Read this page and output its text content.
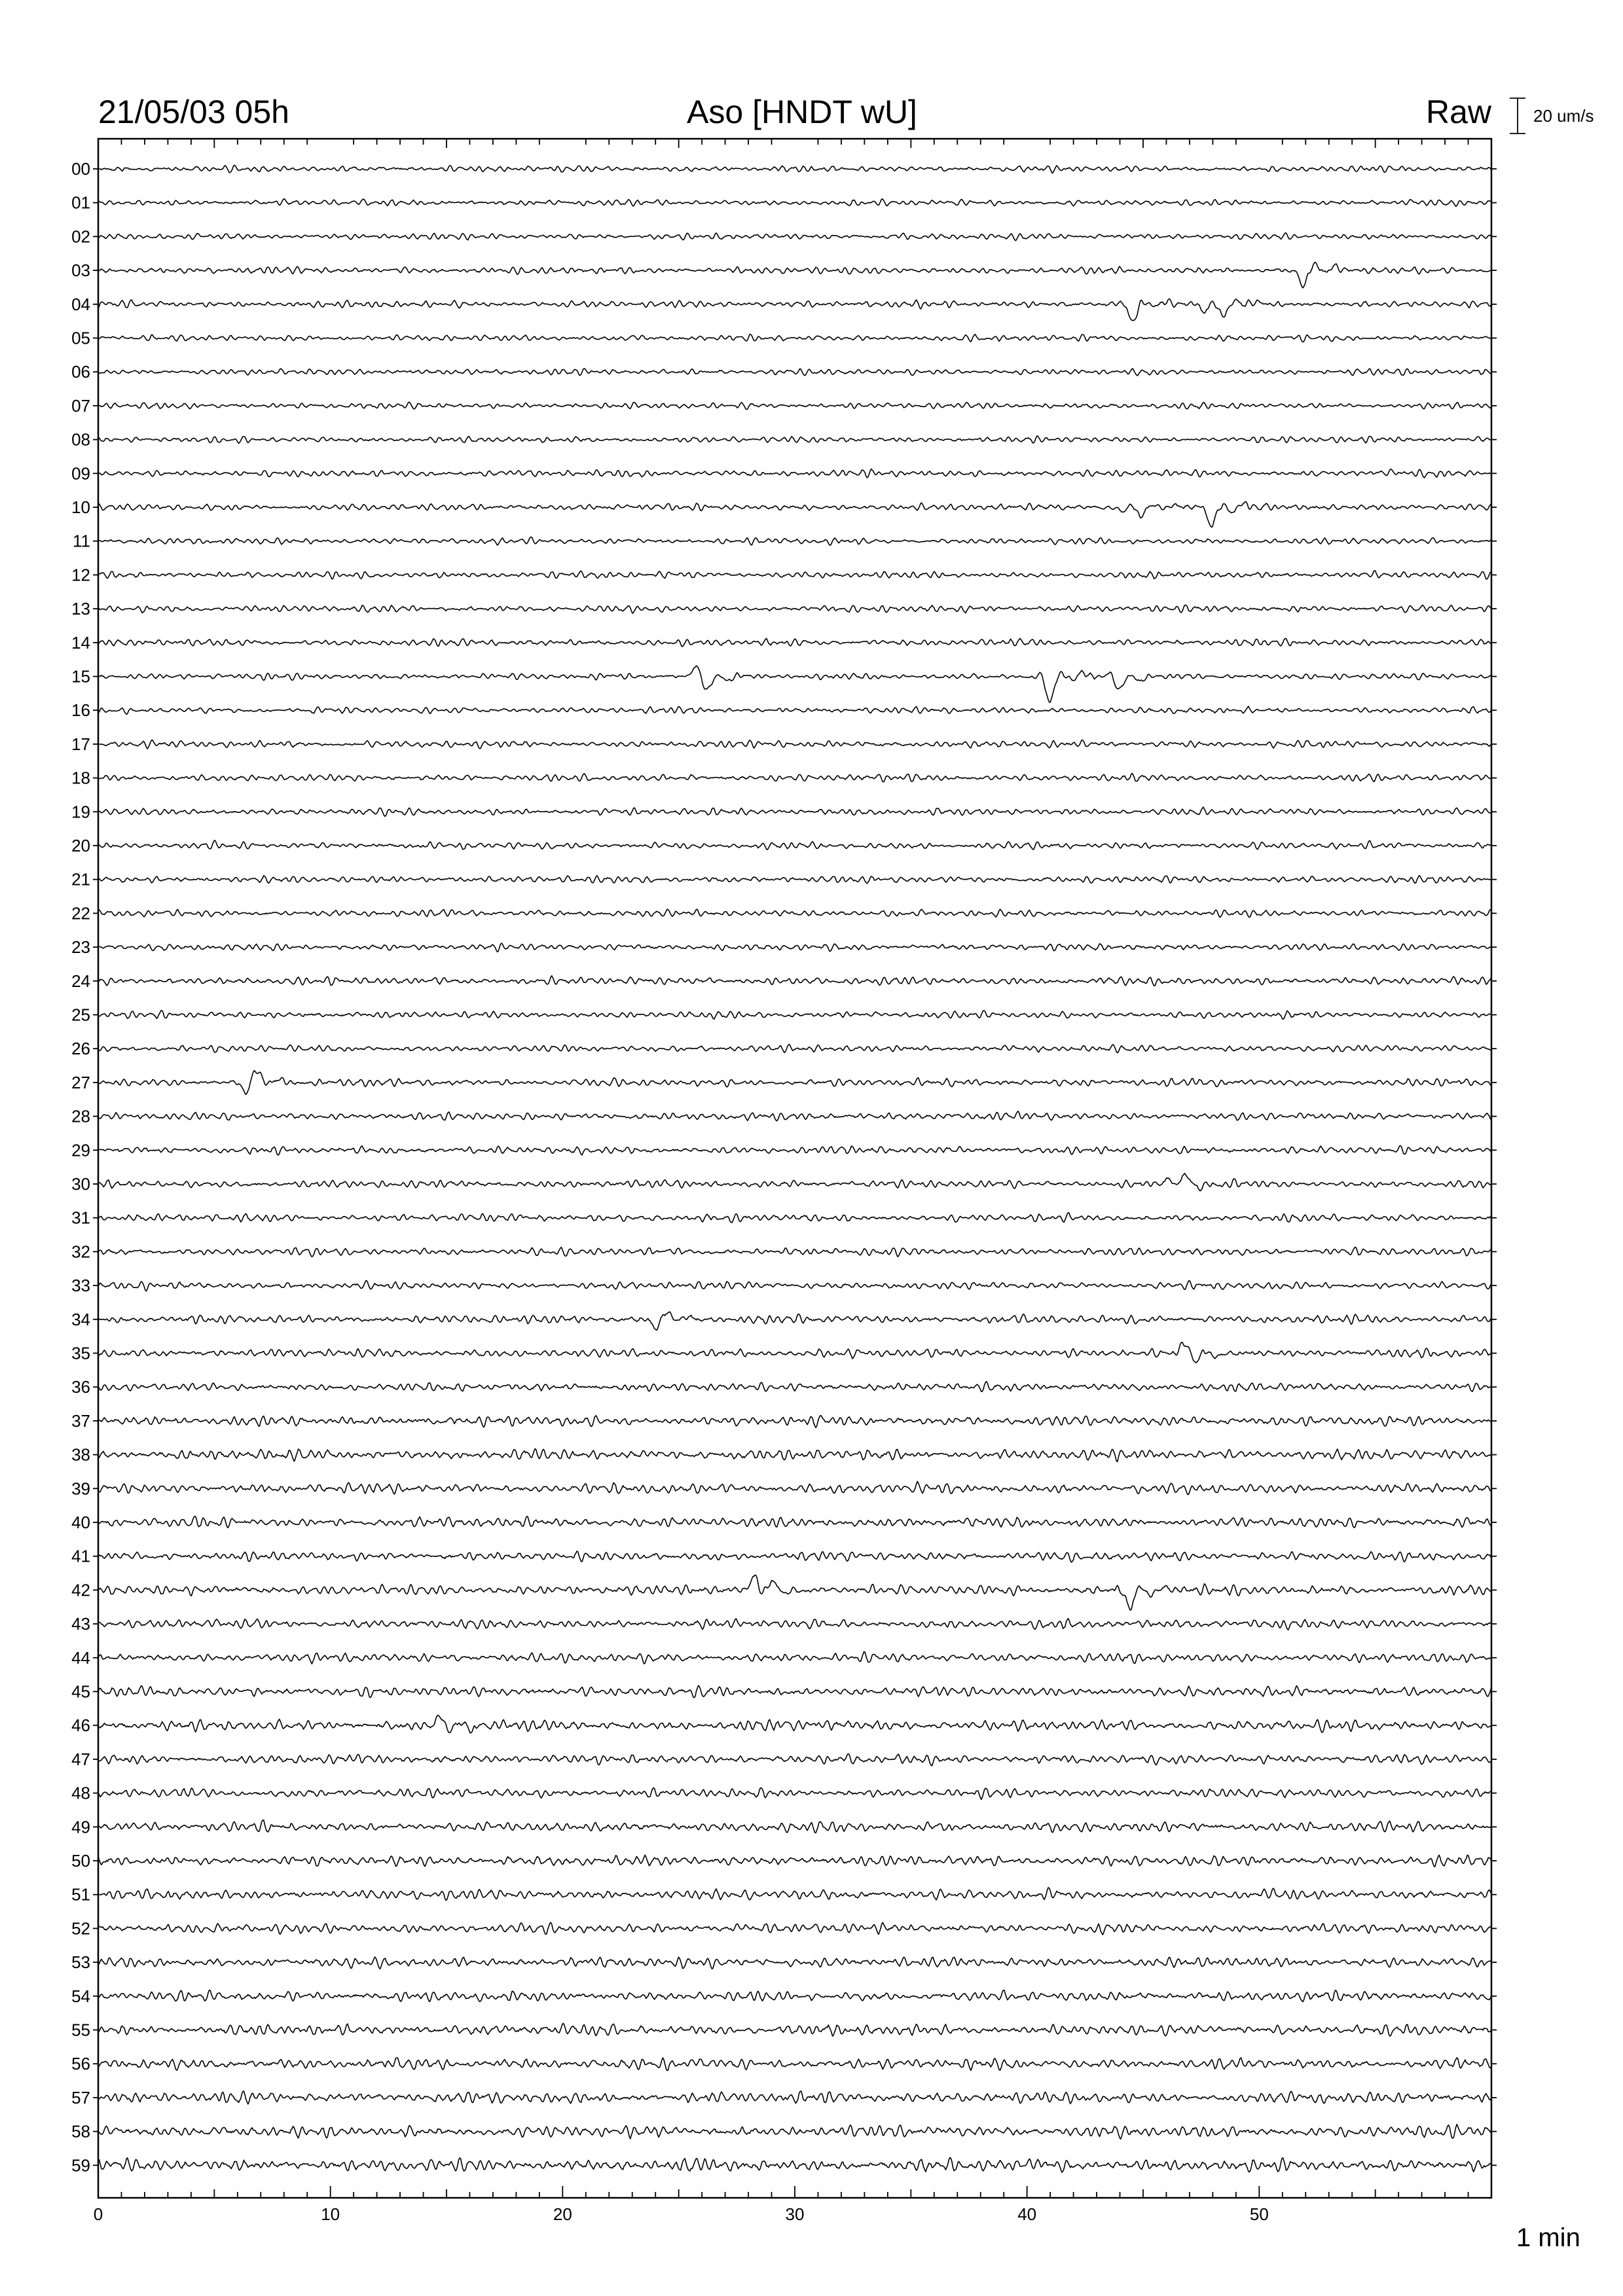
21/05/03 05h	Aso [HNDT wU]	Raw 20 um/s
00
01
02
03
04
05
06
07
08
09
10
11
12
13
14
15
16
17
18
19
20
21
22
23
24
25
26
27
28
29
30
31
32
33
34
35
36
37
38
39
40
41
42
43
44
45
46
47
48
49
50
51
52
53
54
55
56
57
58
59
0	10	20	30	40	50
1 min
